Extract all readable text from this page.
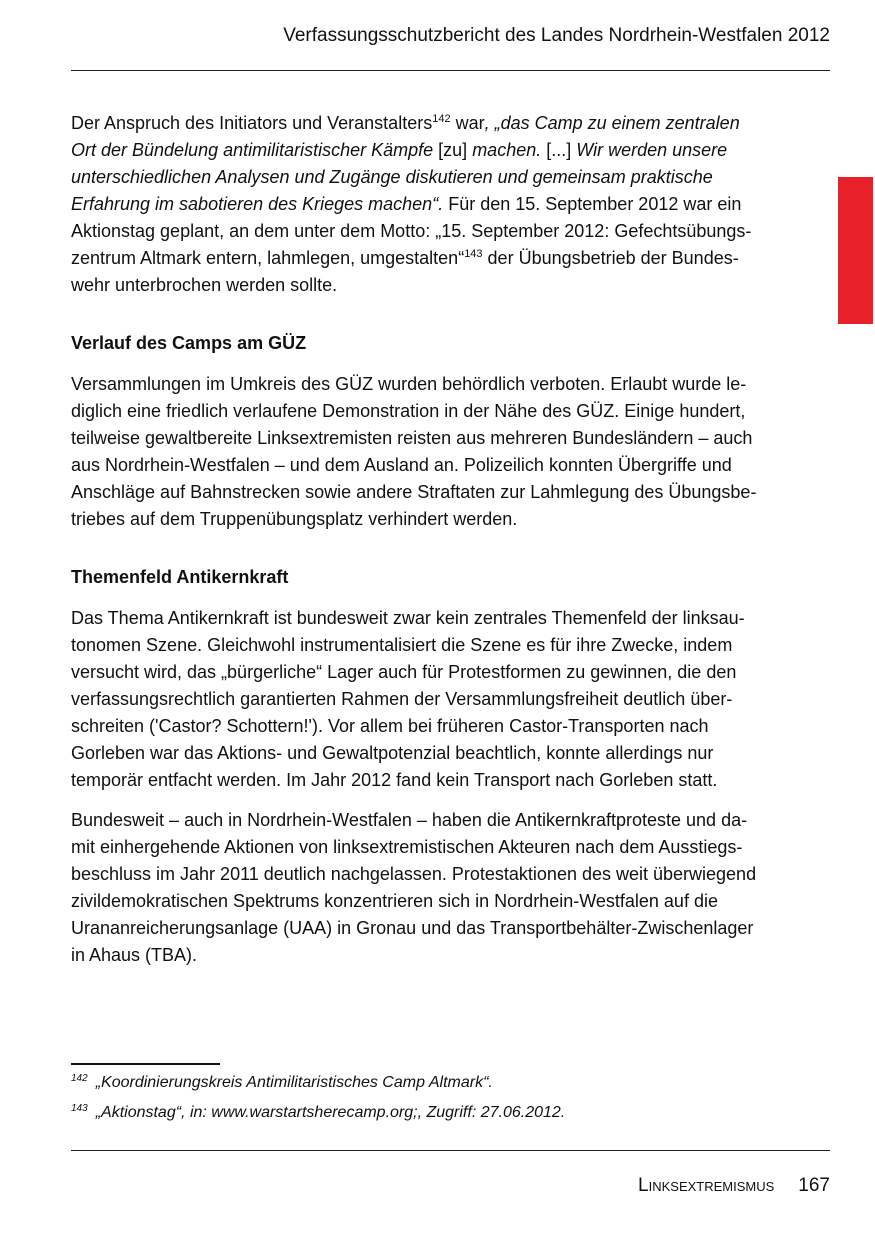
Verfassungsschutzbericht des Landes Nordrhein-Westfalen 2012

Der Anspruch des Initiators und Veranstalters$^{142}$ war, „das Camp zu einem zentralen
Ort der Bündelung antimilitaristischer Kämpfe [zu] machen. [...] Wir werden unsere
unterschiedlichen Analysen und Zugänge diskutieren und gemeinsam praktische
Erfahrung im sabotieren des Krieges machen“. Für den 15. September 2012 war ein
Aktionstag geplant, an dem unter dem Motto: „15. September 2012: Gefechtsübungs-
zentrum Altmark entern, lahmlegen, umgestalten“$^{143}$ der Übungsbetrieb der Bundes-
wehr unterbrochen werden sollte.

Verlauf des Camps am GÜZ

Versammlungen im Umkreis des GÜZ wurden behördlich verboten. Erlaubt wurde le-
diglich eine friedlich verlaufene Demonstration in der Nähe des GÜZ. Einige hundert,
teilweise gewaltbereite Linksextremisten reisten aus mehreren Bundesländern – auch
aus Nordrhein-Westfalen – und dem Ausland an. Polizeilich konnten Übergriffe und
Anschläge auf Bahnstrecken sowie andere Straftaten zur Lahmlegung des Übungsbe-
triebes auf dem Truppenübungsplatz verhindert werden.

Themenfeld Antikernkraft

Das Thema Antikernkraft ist bundesweit zwar kein zentrales Themenfeld der linksau-
tonomen Szene. Gleichwohl instrumentalisiert die Szene es für ihre Zwecke, indem
versucht wird, das „bürgerliche“ Lager auch für Protestformen zu gewinnen, die den
verfassungsrechtlich garantierten Rahmen der Versammlungsfreiheit deutlich über-
schreiten ('Castor? Schottern!'). Vor allem bei früheren Castor-Transporten nach
Gorleben war das Aktions- und Gewaltpotenzial beachtlich, konnte allerdings nur
temporär entfacht werden. Im Jahr 2012 fand kein Transport nach Gorleben statt.

Bundesweit – auch in Nordrhein-Westfalen – haben die Antikernkraftproteste und da-
mit einhergehende Aktionen von linksextremistischen Akteuren nach dem Ausstiegs-
beschluss im Jahr 2011 deutlich nachgelassen. Protestaktionen des weit überwiegend
zivildemokratischen Spektrums konzentrieren sich in Nordrhein-Westfalen auf die
Urananreicherungsanlage (UAA) in Gronau und das Transportbehälter-Zwischenlager
in Ahaus (TBA).

$^{142}$ „Koordinierungskreis Antimilitaristisches Camp Altmark“.
$^{143}$ „Aktionstag“, in: www.warstartsherecamp.org;, Zugriff: 27.06.2012.
Linksextremismus 167
